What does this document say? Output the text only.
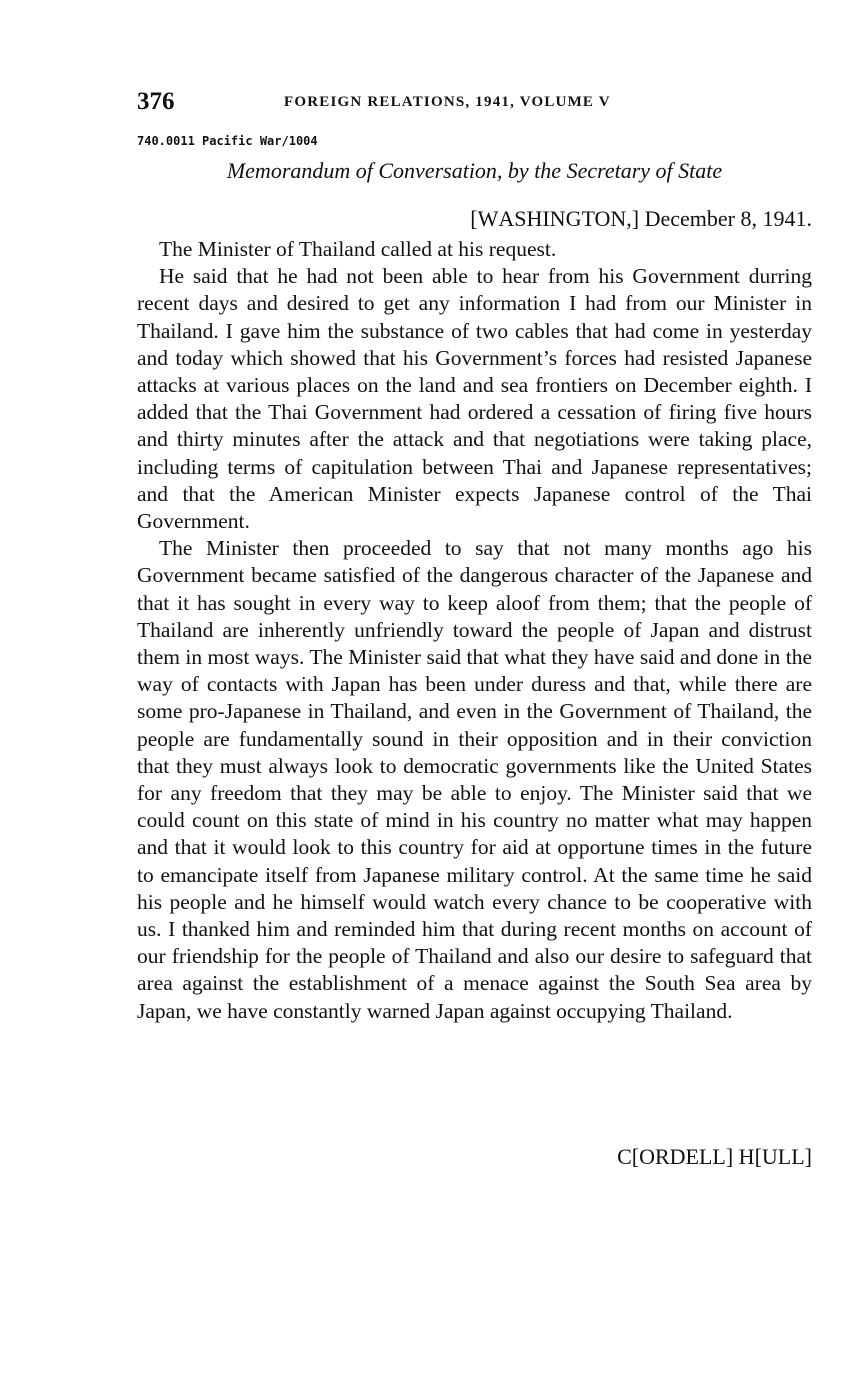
376	FOREIGN RELATIONS, 1941, VOLUME V
740.0011 Pacific War/1004
Memorandum of Conversation, by the Secretary of State
[WASHINGTON,] December 8, 1941.

The Minister of Thailand called at his request.

He said that he had not been able to hear from his Government durring recent days and desired to get any information I had from our Minister in Thailand. I gave him the substance of two cables that had come in yesterday and today which showed that his Government’s forces had resisted Japanese attacks at various places on the land and sea frontiers on December eighth. I added that the Thai Government had ordered a cessation of firing five hours and thirty minutes after the attack and that negotiations were taking place, including terms of capitulation between Thai and Japanese representatives; and that the American Minister expects Japanese control of the Thai Government.

The Minister then proceeded to say that not many months ago his Government became satisfied of the dangerous character of the Japanese and that it has sought in every way to keep aloof from them; that the people of Thailand are inherently unfriendly toward the people of Japan and distrust them in most ways. The Minister said that what they have said and done in the way of contacts with Japan has been under duress and that, while there are some pro-Japanese in Thailand, and even in the Government of Thailand, the people are fundamentally sound in their opposition and in their conviction that they must always look to democratic governments like the United States for any freedom that they may be able to enjoy. The Minister said that we could count on this state of mind in his country no matter what may happen and that it would look to this country for aid at opportune times in the future to emancipate itself from Japanese military control. At the same time he said his people and he himself would watch every chance to be cooperative with us. I thanked him and reminded him that during recent months on account of our friendship for the people of Thailand and also our desire to safeguard that area against the establishment of a menace against the South Sea area by Japan, we have constantly warned Japan against occupying Thailand.

C[ORDELL] H[ULL]
